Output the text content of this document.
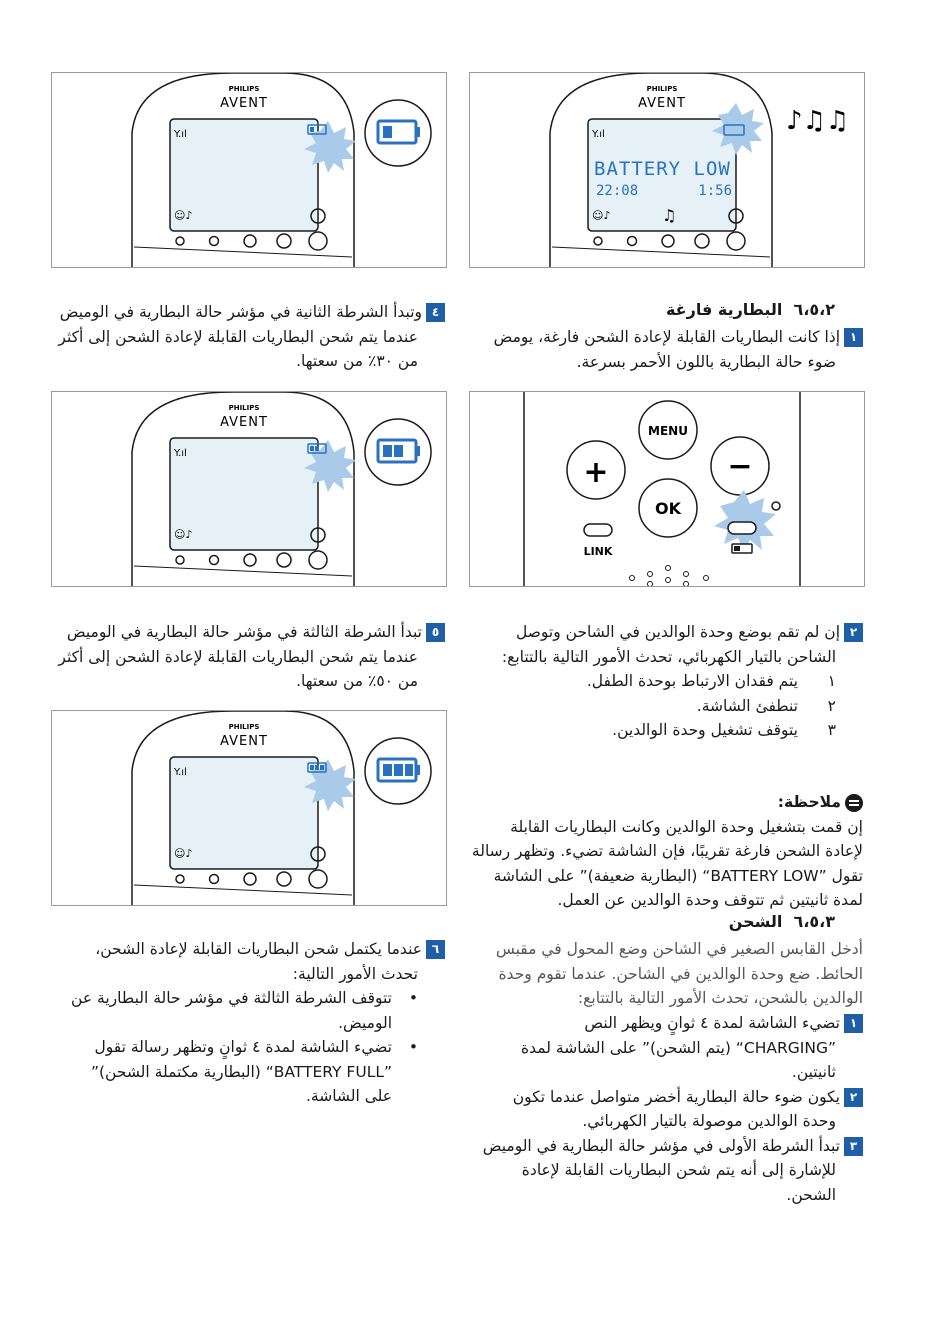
PHILIPS
AVENT
Y.ıl
☺♪
PHILIPS
AVENT
Y.ıl
BATTERY LOW
22:08	1:56
☺♪	♫
♪♫♫
٤وتبدأ الشرطة الثانية في مؤشر حالة البطارية في الوميض
عندما يتم شحن البطاريات القابلة لإعادة الشحن إلى أكثر
من ٣٠٪ من سعتها.
٦،٥،٢  البطارية فارغة
١إذا كانت البطاريات القابلة لإعادة الشحن فارغة، يومض
ضوء حالة البطارية باللون الأحمر بسرعة.
PHILIPS
AVENT
Y.ıl
☺♪
+
MENU
−
OK
LINK
٥تبدأ الشرطة الثالثة في مؤشر حالة البطارية في الوميض
عندما يتم شحن البطاريات القابلة لإعادة الشحن إلى أكثر
من ٥٠٪ من سعتها.
٢إن لم تقم بوضع وحدة الوالدين في الشاحن وتوصل
الشاحن بالتيار الكهربائي، تحدث الأمور التالية بالتتابع:
١يتم فقدان الارتباط بوحدة الطفل.
٢تنطفئ الشاشة.
٣يتوقف تشغيل وحدة الوالدين.
PHILIPS
AVENT
Y.ıl
☺♪
ملاحظة:
إن قمت بتشغيل وحدة الوالدين وكانت البطاريات القابلة
لإعادة الشحن فارغة تقريبًا، فإن الشاشة تضيء. وتظهر رسالة
تقول ”BATTERY LOW“ (البطارية ضعيفة)” على الشاشة
لمدة ثانيتين ثم تتوقف وحدة الوالدين عن العمل.
٦عندما يكتمل شحن البطاريات القابلة لإعادة الشحن،
تحدث الأمور التالية:
•تتوقف الشرطة الثالثة في مؤشر حالة البطارية عن
الوميض.
•تضيء الشاشة لمدة ٤ ثوانٍ وتظهر رسالة تقول
”BATTERY FULL“ (البطارية مكتملة الشحن)”
على الشاشة.
٦،٥،٣  الشحن
أدخل القابس الصغير في الشاحن وضع المحول في مقبس
الحائط. ضع وحدة الوالدين في الشاحن. عندما تقوم وحدة
الوالدين بالشحن، تحدث الأمور التالية بالتتابع:
١تضيء الشاشة لمدة ٤ ثوانٍ ويظهر النص
”CHARGING“ (يتم الشحن)” على الشاشة لمدة
ثانيتين.
٢يكون ضوء حالة البطارية أخضر متواصل عندما تكون
وحدة الوالدين موصولة بالتيار الكهربائي.
٣تبدأ الشرطة الأولى في مؤشر حالة البطارية في الوميض
للإشارة إلى أنه يتم شحن البطاريات القابلة لإعادة
الشحن.
